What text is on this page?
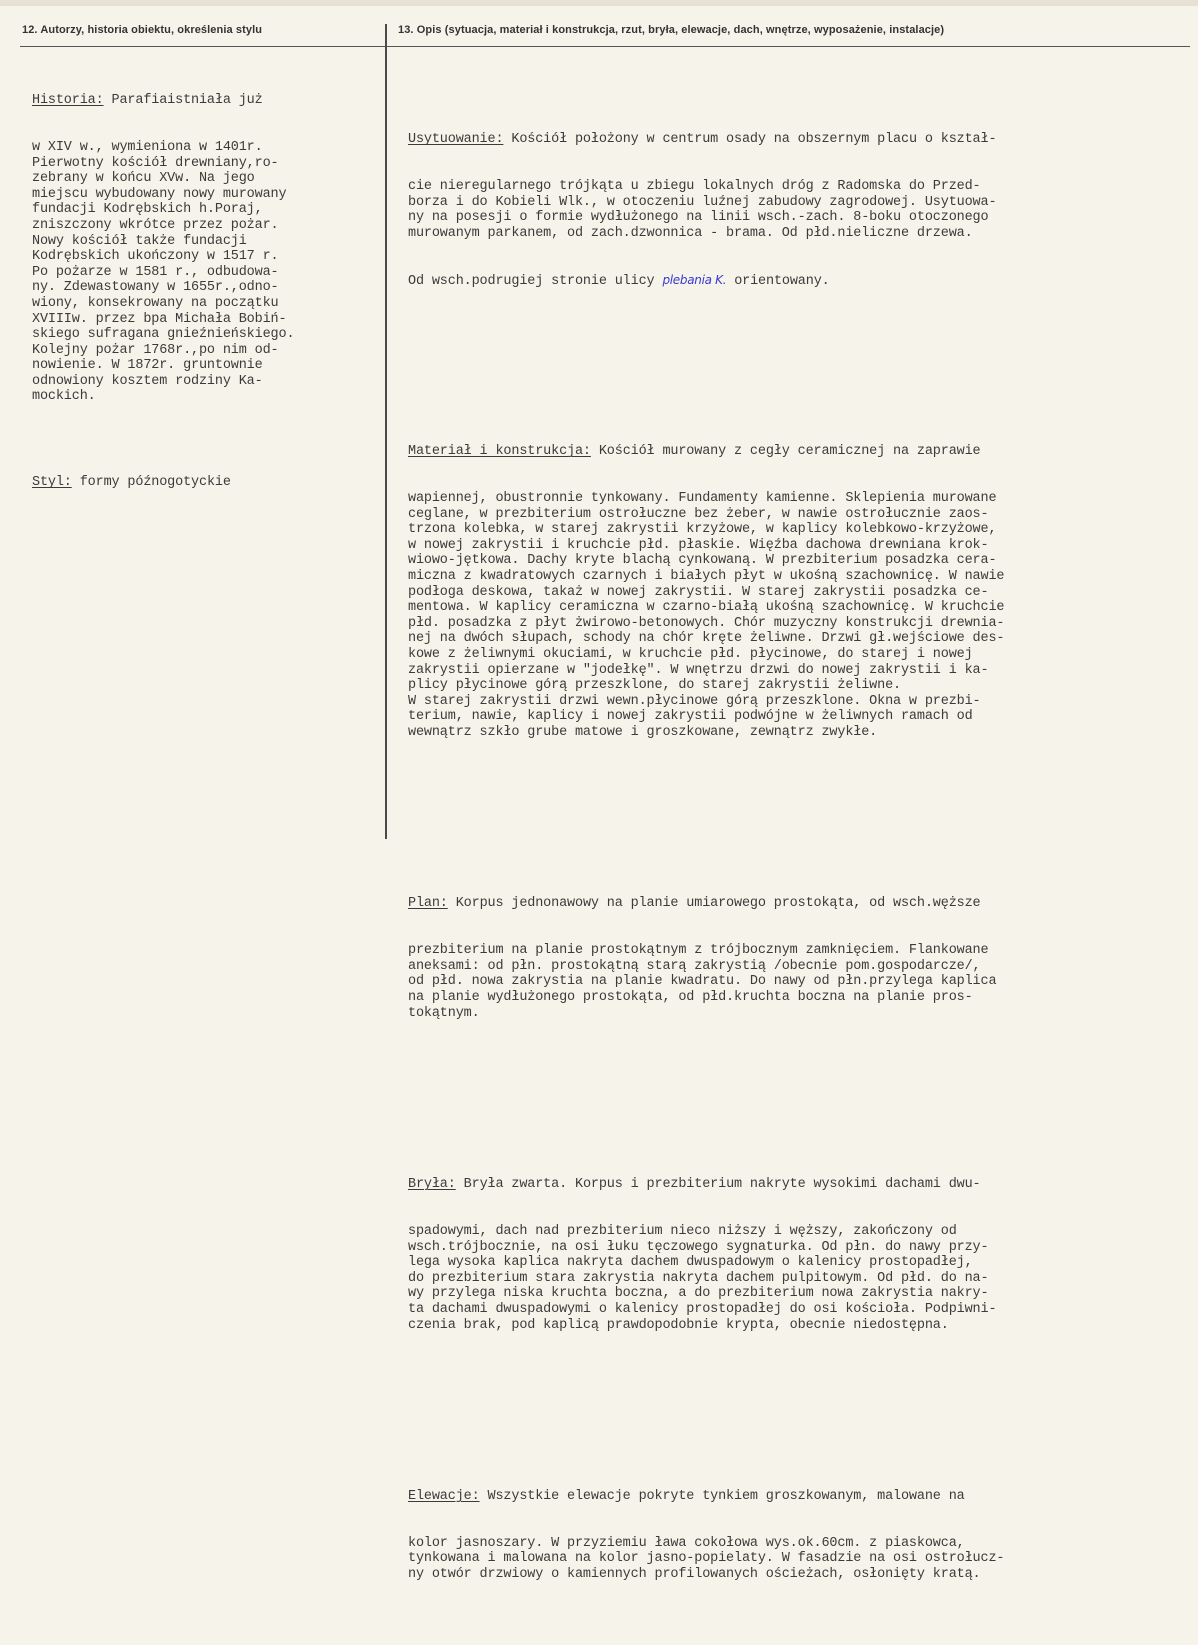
12. Autorzy, historia obiektu, określenia stylu	13. Opis (sytuacja, materiał i konstrukcja, rzut, bryła, elewacje, dach, wnętrze, wyposażenie, instalacje)

Historia: Parafiaistniała już

w XIV w., wymieniona w 1401r.
Pierwotny kościół drewniany,ro-
zebrany w końcu XVw. Na jego
miejscu wybudowany nowy murowany
fundacji Kodrębskich h.Poraj,
zniszczony wkrótce przez pożar.
Nowy kościół także fundacji
Kodrębskich ukończony w 1517 r.
Po pożarze w 1581 r., odbudowa-
ny. Zdewastowany w 1655r.,odno-
wiony, konsekrowany na początku
XVIIIw. przez bpa Michała Bobiń-
skiego sufragana gnieźnieńskiego.
Kolejny pożar 1768r.,po nim od-
nowienie. W 1872r. gruntownie
odnowiony kosztem rodziny Ka-
mockich.

Styl: formy późnogotyckie

Usytuowanie: Kościół położony w centrum osady na obszernym placu o kształ-

cie nieregularnego trójkąta u zbiegu lokalnych dróg z Radomska do Przed-
borza i do Kobieli Wlk., w otoczeniu luźnej zabudowy zagrodowej. Usytuowa-
ny na posesji o formie wydłużonego na linii wsch.-zach. 8-boku otoczonego
murowanym parkanem, od zach.dzwonnica - brama. Od płd.nieliczne drzewa.

Od wsch.podrugiej stronie ulicy plebania K. orientowany.

Materiał i konstrukcja: Kościół murowany z cegły ceramicznej na zaprawie

wapiennej, obustronnie tynkowany. Fundamenty kamienne. Sklepienia murowane
ceglane, w prezbiterium ostrołuczne bez żeber, w nawie ostrołucznie zaos-
trzona kolebka, w starej zakrystii krzyżowe, w kaplicy kolebkowo-krzyżowe,
w nowej zakrystii i kruchcie płd. płaskie. Więźba dachowa drewniana krok-
wiowo-jętkowa. Dachy kryte blachą cynkowaną. W prezbiterium posadzka cera-
miczna z kwadratowych czarnych i białych płyt w ukośną szachownicę. W nawie
podłoga deskowa, takaż w nowej zakrystii. W starej zakrystii posadzka ce-
mentowa. W kaplicy ceramiczna w czarno-białą ukośną szachownicę. W kruchcie
płd. posadzka z płyt żwirowo-betonowych. Chór muzyczny konstrukcji drewnia-
nej na dwóch słupach, schody na chór kręte żeliwne. Drzwi gł.wejściowe des-
kowe z żeliwnymi okuciami, w kruchcie płd. płycinowe, do starej i nowej
zakrystii opierzane w "jodełkę". W wnętrzu drzwi do nowej zakrystii i ka-
plicy płycinowe górą przeszklone, do starej zakrystii żeliwne.
W starej zakrystii drzwi wewn.płycinowe górą przeszklone. Okna w prezbi-
terium, nawie, kaplicy i nowej zakrystii podwójne w żeliwnych ramach od
wewnątrz szkło grube matowe i groszkowane, zewnątrz zwykłe.

Plan: Korpus jednonawowy na planie umiarowego prostokąta, od wsch.węższe

prezbiterium na planie prostokątnym z trójbocznym zamknięciem. Flankowane
aneksami: od płn. prostokątną starą zakrystią /obecnie pom.gospodarcze/,
od płd. nowa zakrystia na planie kwadratu. Do nawy od płn.przylega kaplica
na planie wydłużonego prostokąta, od płd.kruchta boczna na planie pros-
tokątnym.

Bryła: Bryła zwarta. Korpus i prezbiterium nakryte wysokimi dachami dwu-

spadowymi, dach nad prezbiterium nieco niższy i węższy, zakończony od
wsch.trójbocznie, na osi łuku tęczowego sygnaturka. Od płn. do nawy przy-
lega wysoka kaplica nakryta dachem dwuspadowym o kalenicy prostopadłej,
do prezbiterium stara zakrystia nakryta dachem pulpitowym. Od płd. do na-
wy przylega niska kruchta boczna, a do prezbiterium nowa zakrystia nakry-
ta dachami dwuspadowymi o kalenicy prostopadłej do osi kościoła. Podpiwni-
czenia brak, pod kaplicą prawdopodobnie krypta, obecnie niedostępna.

Elewacje: Wszystkie elewacje pokryte tynkiem groszkowanym, malowane na

kolor jasnoszary. W przyziemiu ława cokołowa wys.ok.60cm. z piaskowca,
tynkowana i malowana na kolor jasno-popielaty. W fasadzie na osi ostrołucz-
ny otwór drzwiowy o kamiennych profilowanych ościeżach, osłonięty kratą.
